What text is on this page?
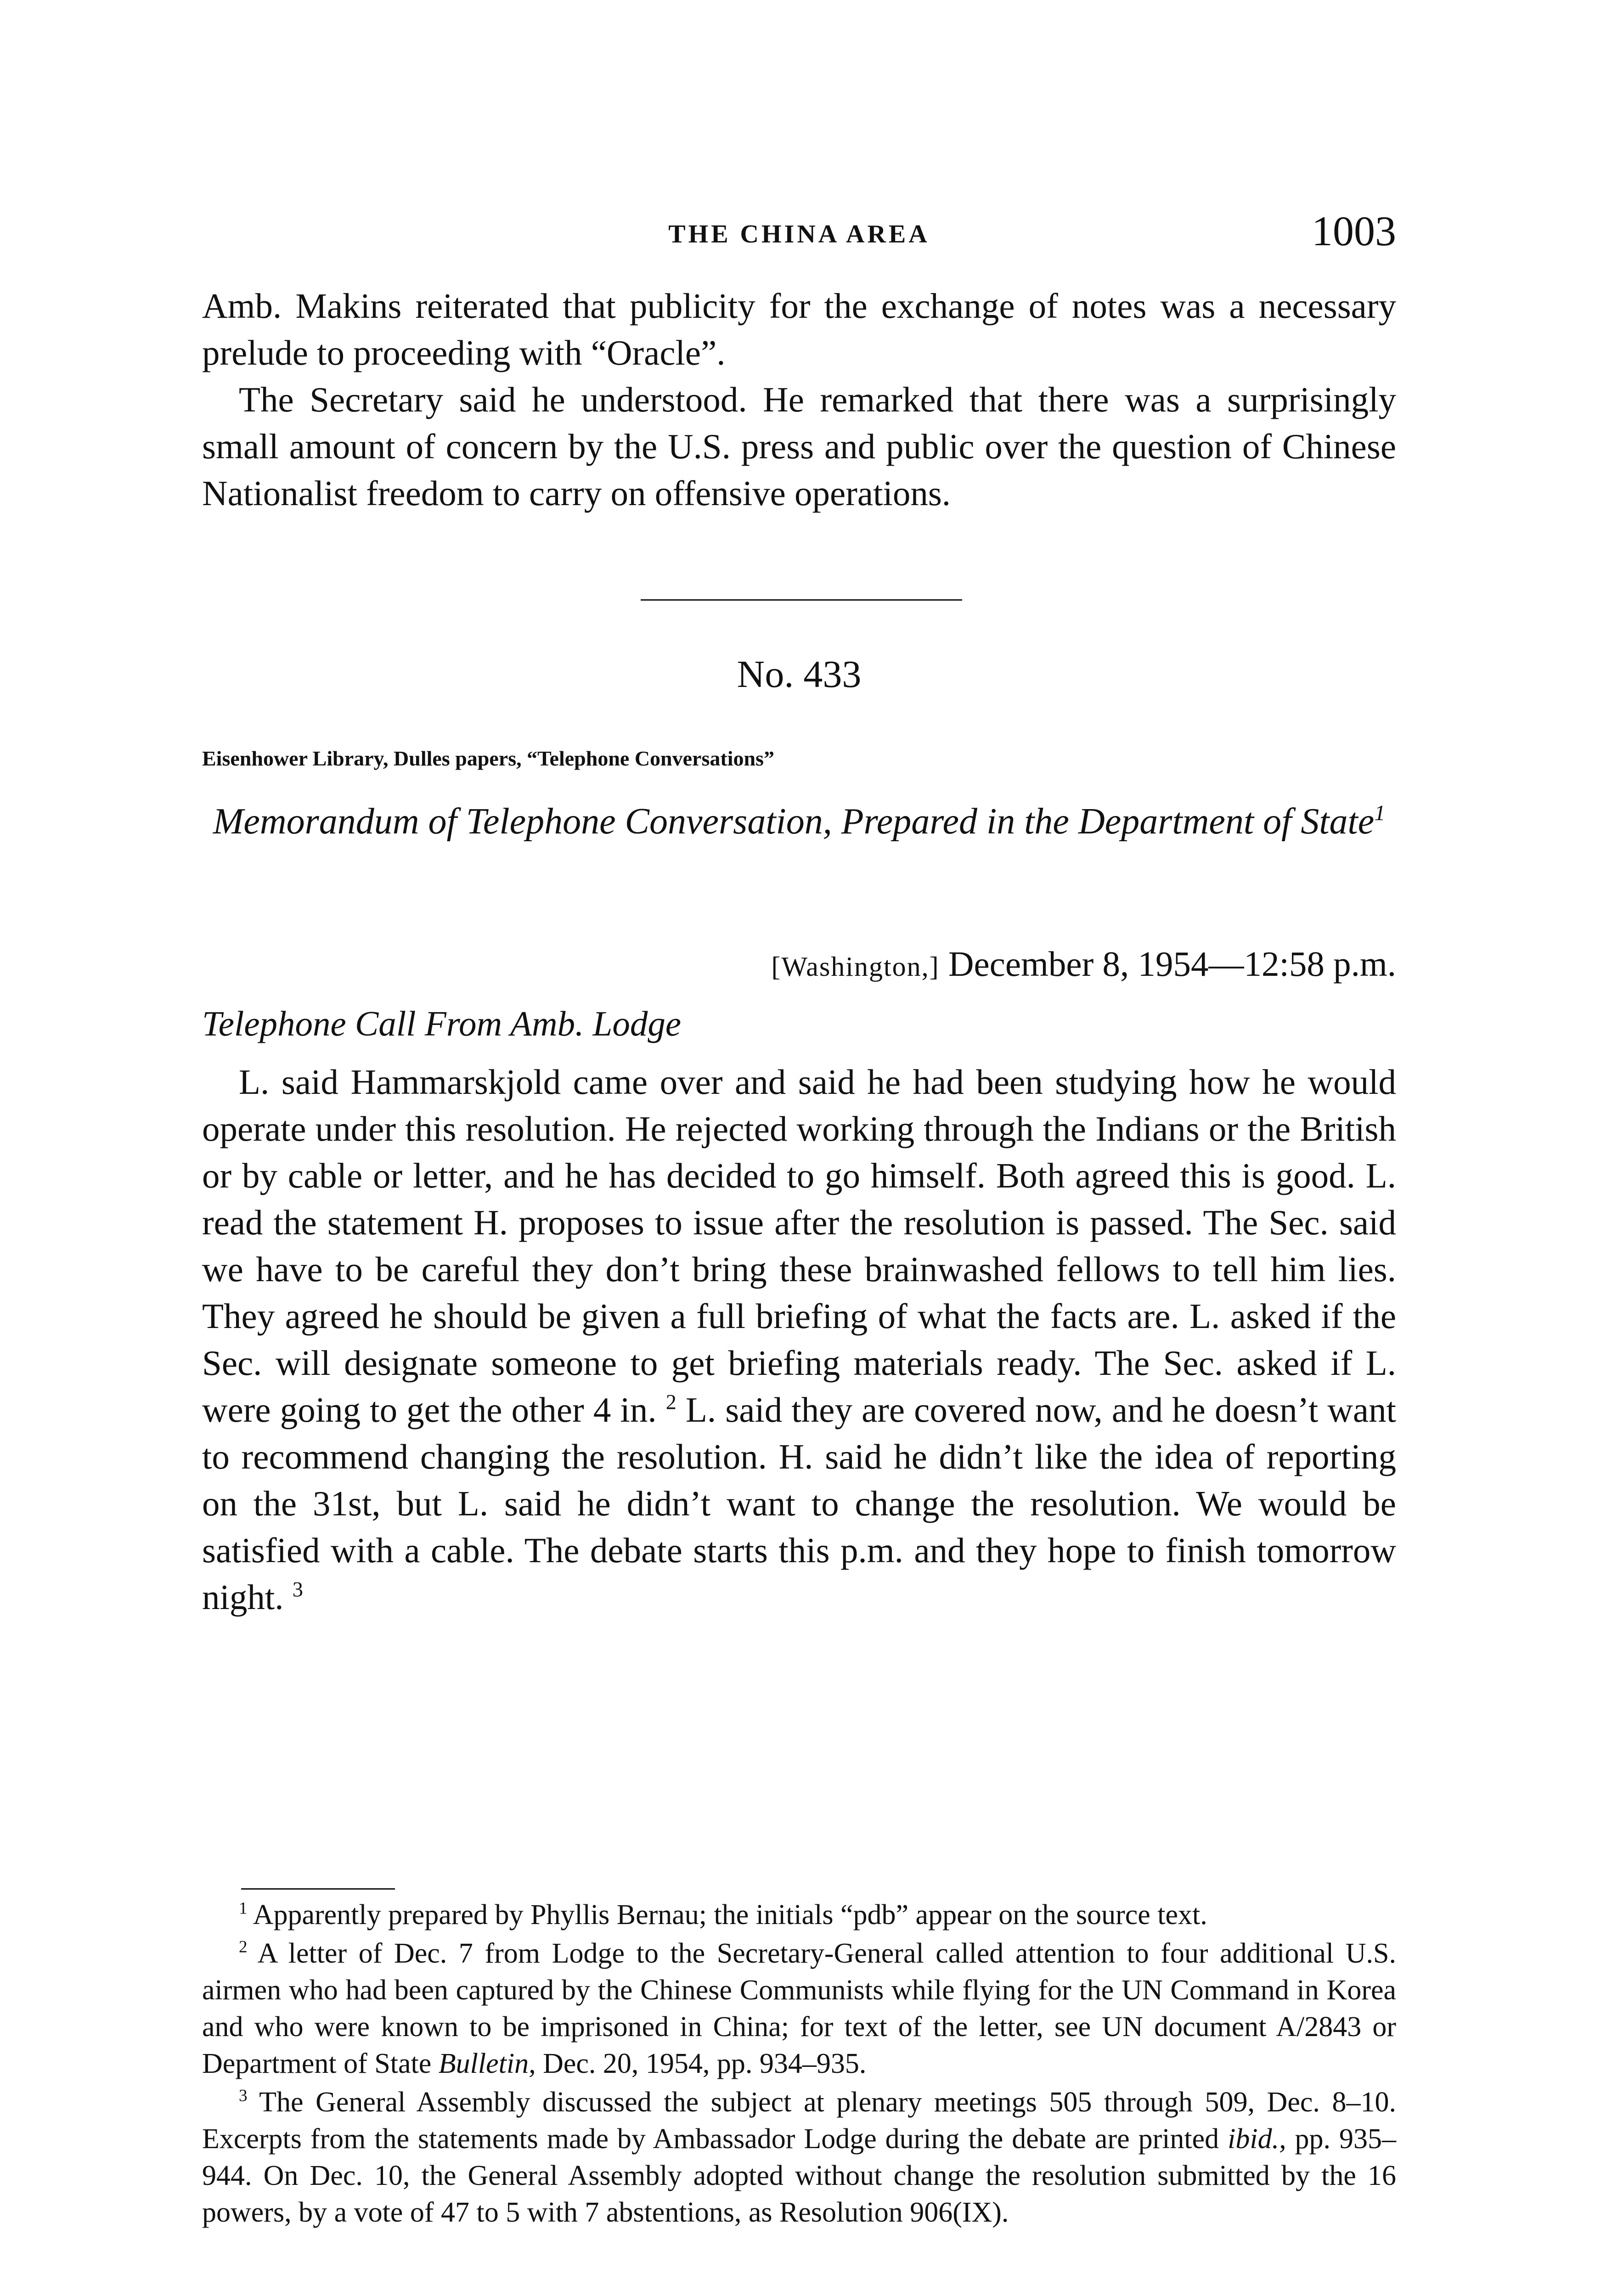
THE CHINA AREA	1003

Amb. Makins reiterated that publicity for the exchange of notes was a necessary prelude to proceeding with “Oracle”.

The Secretary said he understood. He remarked that there was a surprisingly small amount of concern by the U.S. press and public over the question of Chinese Nationalist freedom to carry on offensive operations.

No. 433
Eisenhower Library, Dulles papers, “Telephone Conversations”
Memorandum of Telephone Conversation, Prepared in the Department of State$^1$
[Washington,] December 8, 1954—12:58 p.m.
Telephone Call From Amb. Lodge

L. said Hammarskjold came over and said he had been studying how he would operate under this resolution. He rejected working through the Indians or the British or by cable or letter, and he has decided to go himself. Both agreed this is good. L. read the statement H. proposes to issue after the resolution is passed. The Sec. said we have to be careful they don’t bring these brainwashed fellows to tell him lies. They agreed he should be given a full briefing of what the facts are. L. asked if the Sec. will designate someone to get briefing materials ready. The Sec. asked if L. were going to get the other 4 in. $^2$ L. said they are covered now, and he doesn’t want to recommend changing the resolution. H. said he didn’t like the idea of reporting on the 31st, but L. said he didn’t want to change the resolution. We would be satisfied with a cable. The debate starts this p.m. and they hope to finish tomorrow night. $^3$

$^1$ Apparently prepared by Phyllis Bernau; the initials “pdb” appear on the source text.

$^2$ A letter of Dec. 7 from Lodge to the Secretary-General called attention to four additional U.S. airmen who had been captured by the Chinese Communists while flying for the UN Command in Korea and who were known to be imprisoned in China; for text of the letter, see UN document A/2843 or Department of State Bulletin, Dec. 20, 1954, pp. 934–935.

$^3$ The General Assembly discussed the subject at plenary meetings 505 through 509, Dec. 8–10. Excerpts from the statements made by Ambassador Lodge during the debate are printed ibid., pp. 935–944. On Dec. 10, the General Assembly adopted without change the resolution submitted by the 16 powers, by a vote of 47 to 5 with 7 abstentions, as Resolution 906(IX).
